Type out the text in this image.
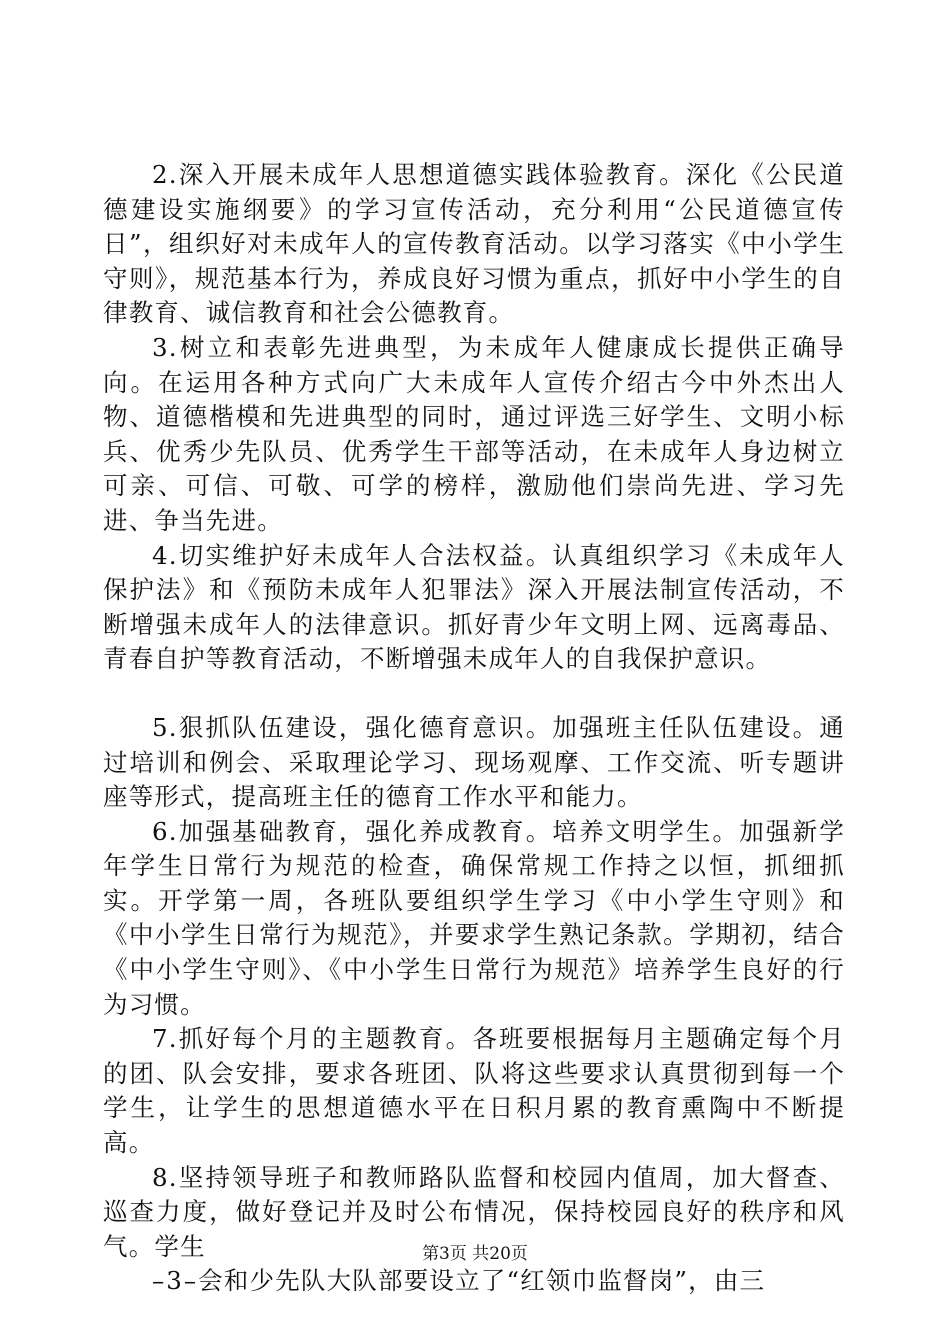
2.深入开展未成年人思想道德实践体验教育。深化《公民道德建设实施纲要》的学习宣传活动，充分利用“公民道德宣传日”，组织好对未成年人的宣传教育活动。以学习落实《中小学生守则》，规范基本行为，养成良好习惯为重点，抓好中小学生的自律教育、诚信教育和社会公德教育。

3.树立和表彰先进典型，为未成年人健康成长提供正确导向。在运用各种方式向广大未成年人宣传介绍古今中外杰出人物、道德楷模和先进典型的同时，通过评选三好学生、文明小标兵、优秀少先队员、优秀学生干部等活动，在未成年人身边树立可亲、可信、可敬、可学的榜样，激励他们崇尚先进、学习先进、争当先进。

4.切实维护好未成年人合法权益。认真组织学习《未成年人保护法》和《预防未成年人犯罪法》深入开展法制宣传活动，不断增强未成年人的法律意识。抓好青少年文明上网、远离毒品、青春自护等教育活动，不断增强未成年人的自我保护意识。

5.狠抓队伍建设，强化德育意识。加强班主任队伍建设。通过培训和例会、采取理论学习、现场观摩、工作交流、听专题讲座等形式，提高班主任的德育工作水平和能力。

6.加强基础教育，强化养成教育。培养文明学生。加强新学年学生日常行为规范的检查，确保常规工作持之以恒，抓细抓实。开学第一周，各班队要组织学生学习《中小学生守则》和《中小学生日常行为规范》，并要求学生熟记条款。学期初，结合《中小学生守则》、《中小学生日常行为规范》培养学生良好的行为习惯。

7.抓好每个月的主题教育。各班要根据每月主题确定每个月的团、队会安排，要求各班团、队将这些要求认真贯彻到每一个学生，让学生的思想道德水平在日积月累的教育熏陶中不断提高。

8.坚持领导班子和教师路队监督和校园内值周，加大督查、巡查力度，做好登记并及时公布情况，保持校园良好的秩序和风气。学生

–3–会和少先队大队部要设立了“红领巾监督岗”，由三

第3页 共20页
